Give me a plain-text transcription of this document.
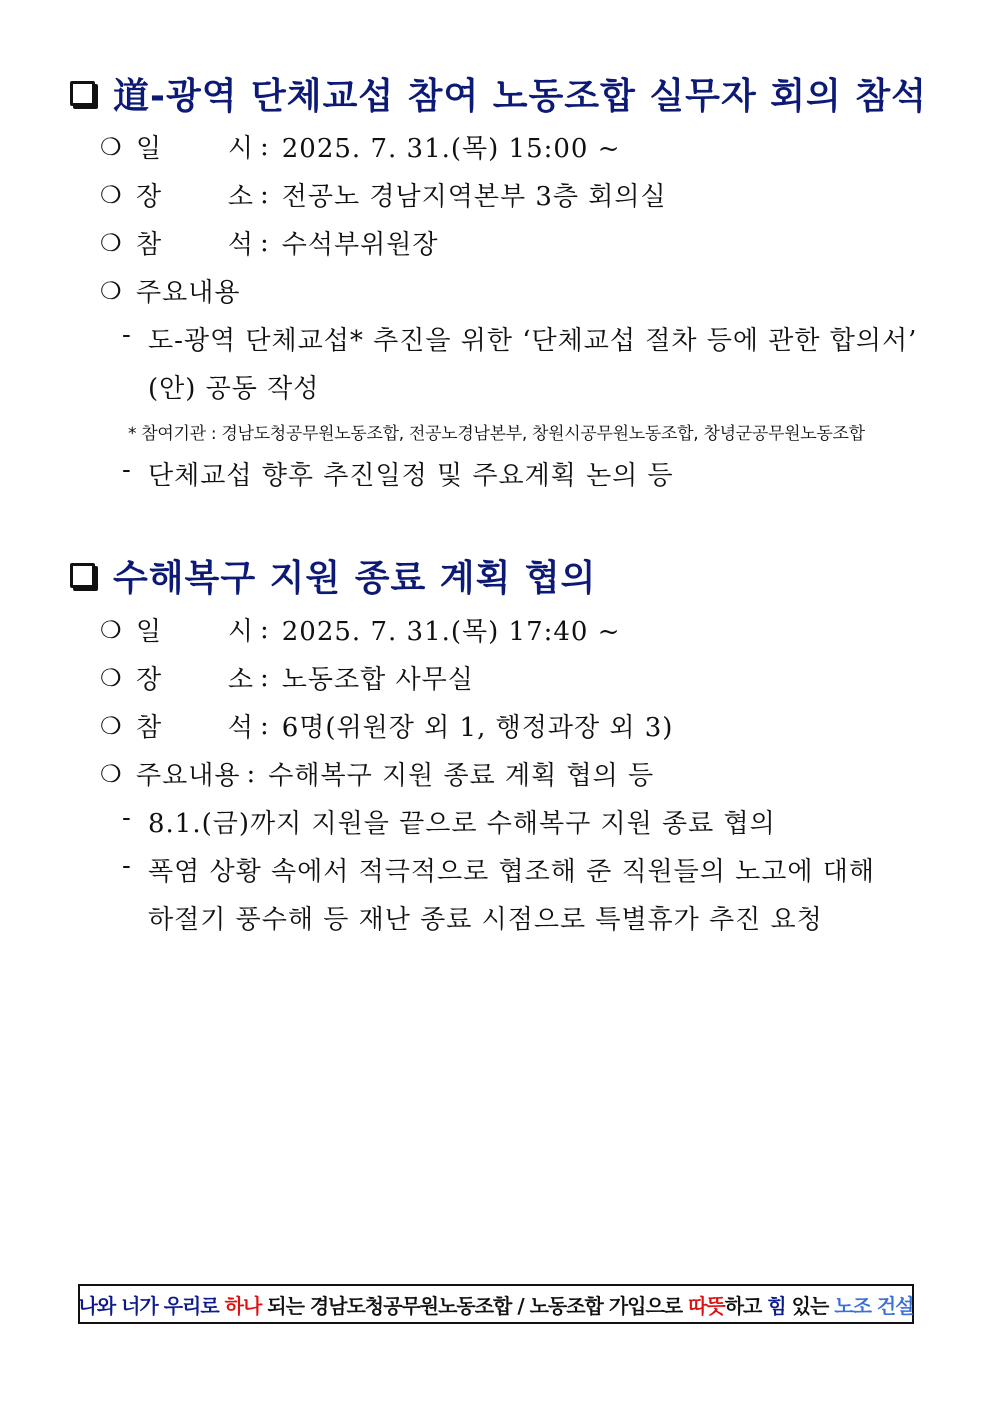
道-광역 단체교섭 참여 노동조합 실무자 회의 참석
❍ 일	시 : 2025. 7. 31.(목) 15:00 ~
❍ 장	소 : 전공노 경남지역본부 3층 회의실
❍ 참	석 : 수석부위원장
❍ 주요내용
- 도-광역 단체교섭* 추진을 위한 ‘단체교섭 절차 등에 관한 합의서’
(안) 공동 작성
* 참여기관 : 경남도청공무원노동조합, 전공노경남본부, 창원시공무원노동조합, 창녕군공무원노동조합
- 단체교섭 향후 추진일정 및 주요계획 논의 등
수해복구 지원 종료 계획 협의
❍ 일	시 : 2025. 7. 31.(목) 17:40 ~
❍ 장	소 : 노동조합 사무실
❍ 참	석 : 6명(위원장 외 1, 행정과장 외 3)
❍ 주요내용 : 수해복구 지원 종료 계획 협의 등
- 8.1.(금)까지 지원을 끝으로 수해복구 지원 종료 협의
- 폭염 상황 속에서 적극적으로 협조해 준 직원들의 노고에 대해
하절기 풍수해 등 재난 종료 시점으로 특별휴가 추진 요청
나와 너가 우리로 하나 되는 경남도청공무원노동조합 / 노동조합 가입으로 따뜻 하고 힘 있는 노조 건설
